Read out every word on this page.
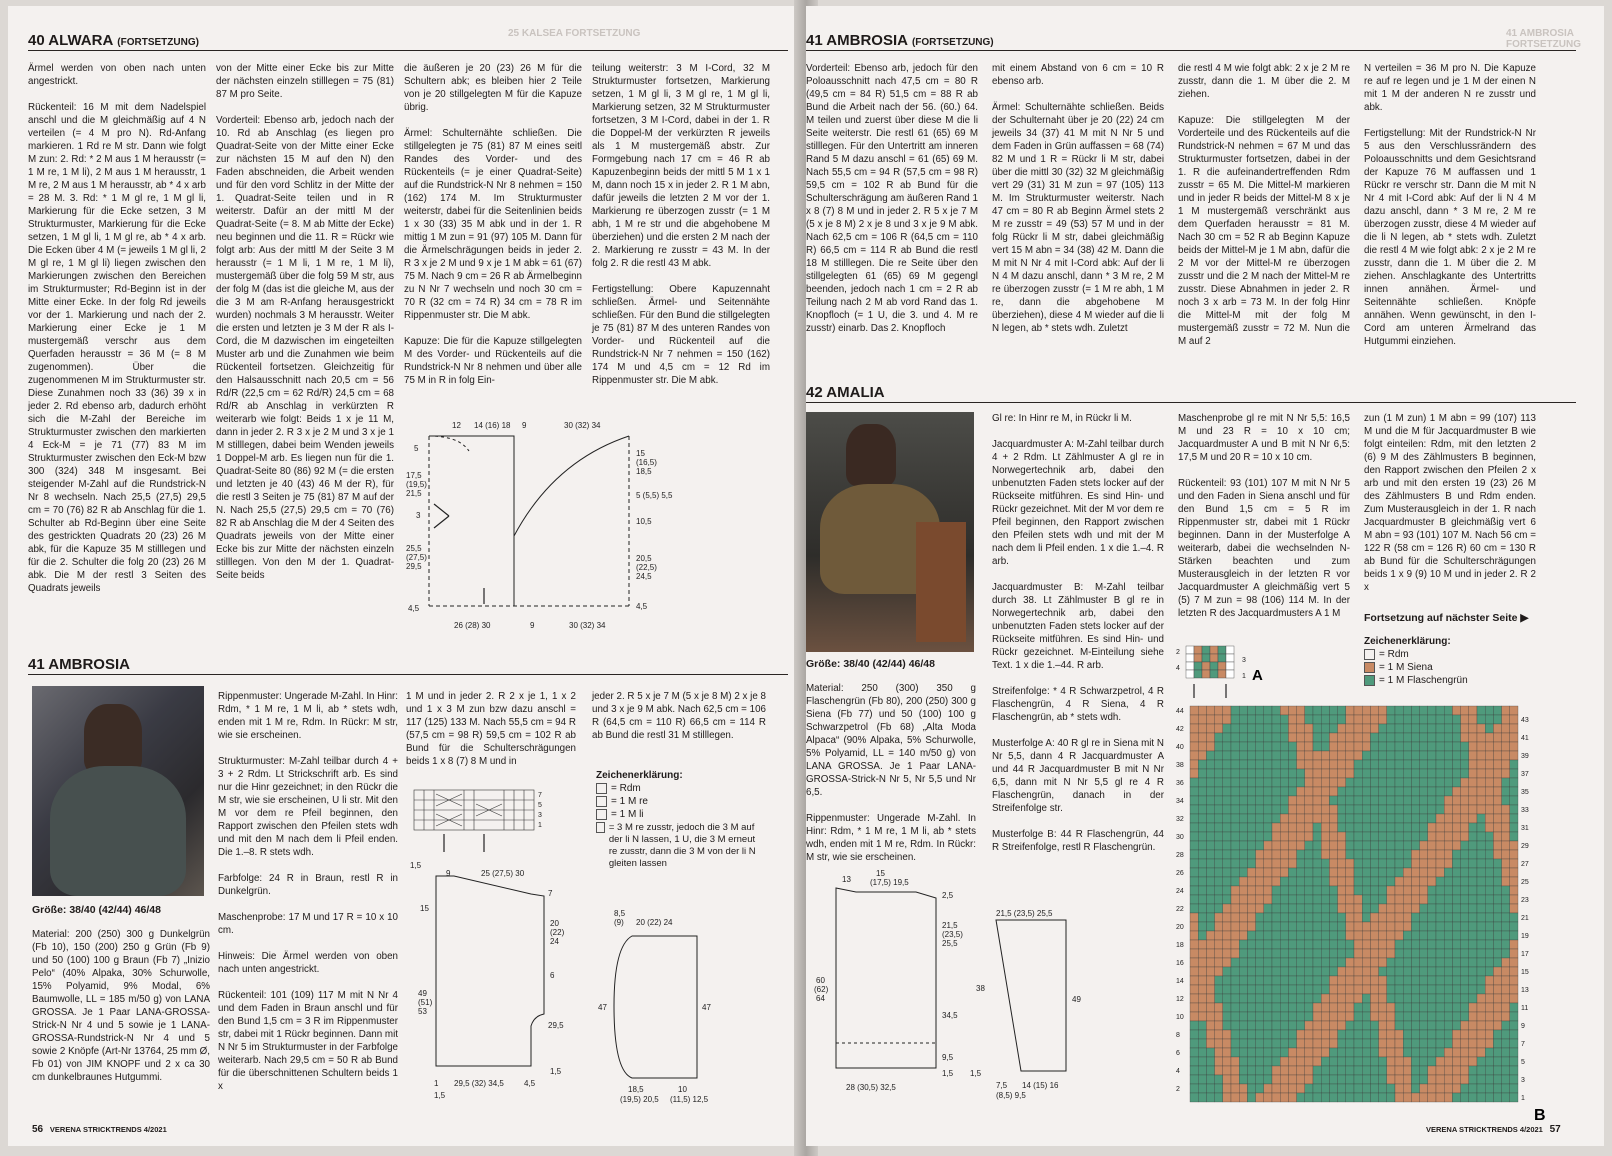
25 KALSEA FORTSETZUNG
40 ALWARA (FORTSETZUNG)
Ärmel werden von oben nach unten angestrickt.

Rückenteil: 16 M mit dem Nadelspiel anschl und die M gleichmäßig auf 4 N verteilen (= 4 M pro N). Rd-Anfang markieren. 1 Rd re M str. Dann wie folgt M zun: 2. Rd: * 2 M aus 1 M herausstr (= 1 M re, 1 M li), 2 M aus 1 M herausstr, 1 M re, 2 M aus 1 M herausstr, ab * 4 x arb = 28 M. 3. Rd: * 1 M gl re, 1 M gl li, Markierung für die Ecke setzen, 3 M Strukturmuster, Markierung für die Ecke setzen, 1 M gl li, 1 M gl re, ab * 4 x arb. Die Ecken über 4 M (= jeweils 1 M gl li, 2 M gl re, 1 M gl li) liegen zwischen den Markierungen zwischen den Bereichen im Strukturmuster; Rd-Beginn ist in der Mitte einer Ecke. In der folg Rd jeweils vor der 1. Markierung und nach der 2. Markierung einer Ecke je 1 M mustergemäß verschr aus dem Querfaden herausstr = 36 M (= 8 M zugenommen). Über die zugenommenen M im Strukturmuster str. Diese Zunahmen noch 33 (36) 39 x in jeder 2. Rd ebenso arb, dadurch erhöht sich die M-Zahl der Bereiche im Strukturmuster zwischen den markierten 4 Eck-M = je 71 (77) 83 M im Strukturmuster zwischen den Eck-M bzw 300 (324) 348 M insgesamt. Bei steigender M-Zahl auf die Rundstrick-N Nr 8 wechseln. Nach 25,5 (27,5) 29,5 cm = 70 (76) 82 R ab Anschlag für die 1. Schulter ab Rd-Beginn über eine Seite des gestrickten Quadrats 20 (23) 26 M abk, für die Kapuze 35 M stilllegen und für die 2. Schulter die folg 20 (23) 26 M abk. Die M der restl 3 Seiten des Quadrats jeweils
von der Mitte einer Ecke bis zur Mitte der nächsten einzeln stilllegen = 75 (81) 87 M pro Seite.

Vorderteil: Ebenso arb, jedoch nach der 10. Rd ab Anschlag (es liegen pro Quadrat-Seite von der Mitte einer Ecke zur nächsten 15 M auf den N) den Faden abschneiden, die Arbeit wenden und für den vord Schlitz in der Mitte der 1. Quadrat-Seite teilen und in R weiterstr. Dafür an der mittl M der Quadrat-Seite (= 8. M ab Mitte der Ecke) neu beginnen und die 11. R = Rückr wie folgt arb: Aus der mittl M der Seite 3 M herausstr (= 1 M li, 1 M re, 1 M li), mustergemäß über die folg 59 M str, aus der folg M (das ist die gleiche M, aus der die 3 M am R-Anfang herausgestrickt wurden) nochmals 3 M herausstr. Weiter die ersten und letzten je 3 M der R als I-Cord, die M dazwischen im eingeteilten Muster arb und die Zunahmen wie beim Rückenteil fortsetzen. Gleichzeitig für den Halsausschnitt nach 20,5 cm = 56 Rd/R (22,5 cm = 62 Rd/R) 24,5 cm = 68 Rd/R ab Anschlag in verkürzten R weiterarb wie folgt: Beids 1 x je 11 M, dann in jeder 2. R 3 x je 2 M und 3 x je 1 M stilllegen, dabei beim Wenden jeweils 1 Doppel-M arb. Es liegen nun für die 1. Quadrat-Seite 80 (86) 92 M (= die ersten und letzten je 40 (43) 46 M der R), für die restl 3 Seiten je 75 (81) 87 M auf der N. Nach 25,5 (27,5) 29,5 cm = 70 (76) 82 R ab Anschlag die M der 4 Seiten des Quadrats jeweils von der Mitte einer Ecke bis zur Mitte der nächsten einzeln stilllegen. Von den M der 1. Quadrat-Seite beids
die äußeren je 20 (23) 26 M für die Schultern abk; es bleiben hier 2 Teile von je 20 stillgelegten M für die Kapuze übrig.

Ärmel: Schulternähte schließen. Die stillgelegten je 75 (81) 87 M eines seitl Randes des Vorder- und des Rückenteils (= je einer Quadrat-Seite) auf die Rundstrick-N Nr 8 nehmen = 150 (162) 174 M. Im Strukturmuster weiterstr, dabei für die Seitenlinien beids 1 x 30 (33) 35 M abk und in der 1. R mittig 1 M zun = 91 (97) 105 M. Dann für die Ärmelschrägungen beids in jeder 2. R 3 x je 2 M und 9 x je 1 M abk = 61 (67) 75 M. Nach 9 cm = 26 R ab Ärmelbeginn zu N Nr 7 wechseln und noch 30 cm = 70 R (32 cm = 74 R) 34 cm = 78 R im Rippenmuster str. Die M abk.

Kapuze: Die für die Kapuze stillgelegten M des Vorder- und Rückenteils auf die Rundstrick-N Nr 8 nehmen und über alle 75 M in R in folg Ein-
teilung weiterstr: 3 M I-Cord, 32 M Strukturmuster fortsetzen, Markierung setzen, 1 M gl li, 3 M gl re, 1 M gl li, Markierung setzen, 32 M Strukturmuster fortsetzen, 3 M I-Cord, dabei in der 1. R die Doppel-M der verkürzten R jeweils als 1 M mustergemäß abstr. Zur Formgebung nach 17 cm = 46 R ab Kapuzenbeginn beids der mittl 5 M 1 x 1 M, dann noch 15 x in jeder 2. R 1 M abn, dafür jeweils die letzten 2 M vor der 1. Markierung re überzogen zusstr (= 1 M abh, 1 M re str und die abgehobene M überziehen) und die ersten 2 M nach der 2. Markierung re zusstr = 43 M. In der folg 2. R die restl 43 M abk.

Fertigstellung: Obere Kapuzennaht schließen. Ärmel- und Seitennähte schließen. Für den Bund die stillgelegten je 75 (81) 87 M des unteren Randes von Vorder- und Rückenteil auf die Rundstrick-N Nr 7 nehmen = 150 (162) 174 M und 4,5 cm = 12 Rd im Rippenmuster str. Die M abk.
12 14 (16) 18 9	30 (32) 34
5
17,5
(19,5)
21,5
3
25,5
(27,5)
29,5
4,5
15
(16,5)
18,5
5 (5,5) 5,5
10,5
20,5
(22,5)
24,5
4,5
26 (28) 30	9	30 (32) 34
41 AMBROSIA
Größe: 38/40 (42/44) 46/48
Material: 200 (250) 300 g Dunkelgrün (Fb 10), 150 (200) 250 g Grün (Fb 9) und 50 (100) 100 g Braun (Fb 7) „Inizio Pelo“ (40% Alpaka, 30% Schurwolle, 15% Polyamid, 9% Modal, 6% Baumwolle, LL = 185 m/50 g) von LANA GROSSA. Je 1 Paar LANA-GROSSA-Strick-N Nr 4 und 5 sowie je 1 LANA-GROSSA-Rundstrick-N Nr 4 und 5 sowie 2 Knöpfe (Art-Nr 13764, 25 mm Ø, Fb 01) von JIM KNOPF und 2 x ca 30 cm dunkelbraunes Hutgummi.
Rippenmuster: Ungerade M-Zahl. In Hinr: Rdm, * 1 M re, 1 M li, ab * stets wdh, enden mit 1 M re, Rdm. In Rückr: M str, wie sie erscheinen.

Strukturmuster: M-Zahl teilbar durch 4 + 3 + 2 Rdm. Lt Strickschrift arb. Es sind nur die Hinr gezeichnet; in den Rückr die M str, wie sie erscheinen, U li str. Mit den M vor dem re Pfeil beginnen, den Rapport zwischen den Pfeilen stets wdh und mit den M nach dem li Pfeil enden. Die 1.–8. R stets wdh.

Farbfolge: 24 R in Braun, restl R in Dunkelgrün.

Maschenprobe: 17 M und 17 R = 10 x 10 cm.

Hinweis: Die Ärmel werden von oben nach unten angestrickt.

Rückenteil: 101 (109) 117 M mit N Nr 4 und dem Faden in Braun anschl und für den Bund 1,5 cm = 3 R im Rippenmuster str, dabei mit 1 Rückr beginnen. Dann mit N Nr 5 im Strukturmuster in der Farbfolge weiterarb. Nach 29,5 cm = 50 R ab Bund für die überschnittenen Schultern beids 1 x
1 M und in jeder 2. R 2 x je 1, 1 x 2 und 1 x 3 M zun bzw dazu anschl = 117 (125) 133 M. Nach 55,5 cm = 94 R (57,5 cm = 98 R) 59,5 cm = 102 R ab Bund für die Schulterschrägungen beids 1 x 8 (7) 8 M und in
jeder 2. R 5 x je 7 M (5 x je 8 M) 2 x je 8 und 3 x je 9 M abk. Nach 62,5 cm = 106 R (64,5 cm = 110 R) 66,5 cm = 114 R ab Bund die restl 31 M stilllegen.
7
5
3
1
Zeichenerklärung:
= Rdm
= 1 M re
= 1 M li
= 3 M re zusstr, jedoch die 3 M auf der li N lassen, 1 U, die 3 M erneut re zusstr, dann die 3 M von der li N gleiten lassen
1,5
9	25 (27,5) 30
15
7
20
(22)
24
6
49
(51)
53
29,5
1,5
1 29,5 (32) 34,5	4,5
1,5
8,5
(9) 20 (22) 24
47	47
18,5
(19,5) 20,5
10
(11,5) 12,5
56 VERENA STRICKTRENDS 4/2021
41 AMBROSIA FORTSETZUNG
41 AMBROSIA (FORTSETZUNG)
Vorderteil: Ebenso arb, jedoch für den Poloausschnitt nach 47,5 cm = 80 R (49,5 cm = 84 R) 51,5 cm = 88 R ab Bund die Arbeit nach der 56. (60.) 64. M teilen und zuerst über diese M die li Seite weiterstr. Die restl 61 (65) 69 M stilllegen. Für den Untertritt am inneren Rand 5 M dazu anschl = 61 (65) 69 M. Nach 55,5 cm = 94 R (57,5 cm = 98 R) 59,5 cm = 102 R ab Bund für die Schulterschrägung am äußeren Rand 1 x 8 (7) 8 M und in jeder 2. R 5 x je 7 M (5 x je 8 M) 2 x je 8 und 3 x je 9 M abk. Nach 62,5 cm = 106 R (64,5 cm = 110 R) 66,5 cm = 114 R ab Bund die restl 18 M stilllegen. Die re Seite über den stillgelegten 61 (65) 69 M gegengl beenden, jedoch nach 1 cm = 2 R ab Teilung nach 2 M ab vord Rand das 1. Knopfloch (= 1 U, die 3. und 4. M re zusstr) einarb. Das 2. Knopfloch
mit einem Abstand von 6 cm = 10 R ebenso arb.

Ärmel: Schulternähte schließen. Beids der Schulternaht über je 20 (22) 24 cm jeweils 34 (37) 41 M mit N Nr 5 und dem Faden in Grün auffassen = 68 (74) 82 M und 1 R = Rückr li M str, dabei über die mittl 30 (32) 32 M gleichmäßig vert 29 (31) 31 M zun = 97 (105) 113 M. Im Strukturmuster weiterstr. Nach 47 cm = 80 R ab Beginn Ärmel stets 2 M re zusstr = 49 (53) 57 M und in der folg Rückr li M str, dabei gleichmäßig vert 15 M abn = 34 (38) 42 M. Dann die M mit N Nr 4 mit I-Cord abk: Auf der li N 4 M dazu anschl, dann * 3 M re, 2 M re überzogen zusstr (= 1 M re abh, 1 M re, dann die abgehobene M überziehen), diese 4 M wieder auf die li N legen, ab * stets wdh. Zuletzt
die restl 4 M wie folgt abk: 2 x je 2 M re zusstr, dann die 1. M über die 2. M ziehen.

Kapuze: Die stillgelegten M der Vorderteile und des Rückenteils auf die Rundstrick-N nehmen = 67 M und das Strukturmuster fortsetzen, dabei in der 1. R die aufeinandertreffenden Rdm zusstr = 65 M. Die Mittel-M markieren und in jeder R beids der Mittel-M 8 x je 1 M mustergemäß verschränkt aus dem Querfaden herausstr = 81 M. Nach 30 cm = 52 R ab Beginn Kapuze beids der Mittel-M je 1 M abn, dafür die 2 M vor der Mittel-M re überzogen zusstr und die 2 M nach der Mittel-M re zusstr. Diese Abnahmen in jeder 2. R noch 3 x arb = 73 M. In der folg Hinr die Mittel-M mit der folg M mustergemäß zusstr = 72 M. Nun die M auf 2
N verteilen = 36 M pro N. Die Kapuze re auf re legen und je 1 M der einen N mit 1 M der anderen N re zusstr und abk.

Fertigstellung: Mit der Rundstrick-N Nr 5 aus den Verschlussrändern des Poloausschnitts und dem Gesichtsrand der Kapuze 76 M auffassen und 1 Rückr re verschr str. Dann die M mit N Nr 4 mit I-Cord abk: Auf der li N 4 M dazu anschl, dann * 3 M re, 2 M re überzogen zusstr, diese 4 M wieder auf die li N legen, ab * stets wdh. Zuletzt die restl 4 M wie folgt abk: 2 x je 2 M re zusstr, dann die 1. M über die 2. M ziehen. Anschlagkante des Untertritts innen annähen. Ärmel- und Seitennähte schließen. Knöpfe annähen. Wenn gewünscht, in den I-Cord am unteren Ärmelrand das Hutgummi einziehen.
42 AMALIA
Größe: 38/40 (42/44) 46/48
Material: 250 (300) 350 g Flaschengrün (Fb 80), 200 (250) 300 g Siena (Fb 77) und 50 (100) 100 g Schwarzpetrol (Fb 68) „Alta Moda Alpaca“ (90% Alpaka, 5% Schurwolle, 5% Polyamid, LL = 140 m/50 g) von LANA GROSSA. Je 1 Paar LANA-GROSSA-Strick-N Nr 5, Nr 5,5 und Nr 6,5.

Rippenmuster: Ungerade M-Zahl. In Hinr: Rdm, * 1 M re, 1 M li, ab * stets wdh, enden mit 1 M re, Rdm. In Rückr: M str, wie sie erscheinen.
Gl re: In Hinr re M, in Rückr li M.

Jacquardmuster A: M-Zahl teilbar durch 4 + 2 Rdm. Lt Zählmuster A gl re in Norwegertechnik arb, dabei den unbenutzten Faden stets locker auf der Rückseite mitführen. Es sind Hin- und Rückr gezeichnet. Mit der M vor dem re Pfeil beginnen, den Rapport zwischen den Pfeilen stets wdh und mit der M nach dem li Pfeil enden. 1 x die 1.–4. R arb.

Jacquardmuster B: M-Zahl teilbar durch 38. Lt Zählmuster B gl re in Norwegertechnik arb, dabei den unbenutzten Faden stets locker auf der Rückseite mitführen. Es sind Hin- und Rückr gezeichnet. M-Einteilung siehe Text. 1 x die 1.–44. R arb.

Streifenfolge: * 4 R Schwarzpetrol, 4 R Flaschengrün, 4 R Siena, 4 R Flaschengrün, ab * stets wdh.

Musterfolge A: 40 R gl re in Siena mit N Nr 5,5, dann 4 R Jacquardmuster A und 44 R Jacquardmuster B mit N Nr 6,5, dann mit N Nr 5,5 gl re 4 R Flaschengrün, danach in der Streifenfolge str.

Musterfolge B: 44 R Flaschengrün, 44 R Streifenfolge, restl R Flaschengrün.
Maschenprobe gl re mit N Nr 5,5: 16,5 M und 23 R = 10 x 10 cm; Jacquardmuster A und B mit N Nr 6,5: 17,5 M und 20 R = 10 x 10 cm.

Rückenteil: 93 (101) 107 M mit N Nr 5 und den Faden in Siena anschl und für den Bund 1,5 cm = 5 R im Rippenmuster str, dabei mit 1 Rückr beginnen. Dann in der Musterfolge A weiterarb, dabei die wechselnden N-Stärken beachten und zum Musterausgleich in der letzten R vor Jacquardmuster A gleichmäßig vert 5 (5) 7 M zun = 98 (106) 114 M. In der letzten R des Jacquardmusters A 1 M
zun (1 M zun) 1 M abn = 99 (107) 113 M und die M für Jacquardmuster B wie folgt einteilen: Rdm, mit den letzten 2 (6) 9 M des Zählmusters B beginnen, den Rapport zwischen den Pfeilen 2 x arb und mit den ersten 19 (23) 26 M des Zählmusters B und Rdm enden. Zum Musterausgleich in der 1. R nach Jacquardmuster B gleichmäßig vert 6 M abn = 93 (101) 107 M. Nach 56 cm = 122 R (58 cm = 126 R) 60 cm = 130 R ab Bund für die Schulterschrägungen beids 1 x 9 (9) 10 M und in jeder 2. R 2 x
Fortsetzung auf nächster Seite ▶
Zeichenerklärung:
= Rdm
= 1 M Siena
= 1 M Flaschengrün
13
15
(17,5) 19,5
2,5
21,5
(23,5)
25,5
60
(62)
64
34,5
9,5
1,5
28 (30,5) 32,5
21,5 (23,5) 25,5
38
49
1,5
7,5 14 (15) 16
(8,5) 9,5
2
4
3
1 A
44
42
40
38
36
34
32
30
28
26
24
22
20
18
16
14
12
10
8
6
4
2
43
41
39
37
35
33
31
29
27
25
23
21
19
17
15
13
11
9
7
5
3
1
B
VERENA STRICKTRENDS 4/2021 57
